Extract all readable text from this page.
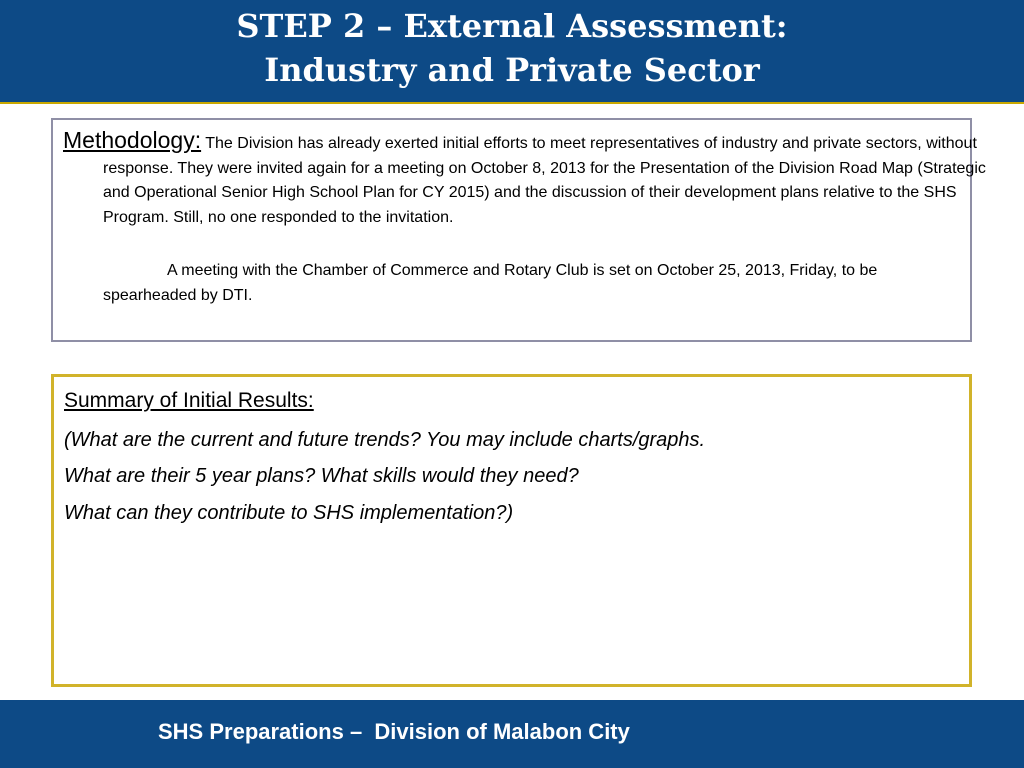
STEP 2 – External Assessment:
Industry and Private Sector

Methodology: The Division has already exerted initial efforts to meet representatives of industry and private sectors, without response. They were invited again for a meeting on October 8, 2013 for the Presentation of the Division Road Map (Strategic and Operational Senior High School Plan for CY 2015) and the discussion of their development plans relative to the SHS Program. Still, no one responded to the invitation.

A meeting with the Chamber of Commerce and Rotary Club is set on October 25, 2013, Friday, to be spearheaded by DTI.

Summary of Initial Results:

(What are the current and future trends? You may include charts/graphs.

What are their 5 year plans? What skills would they need?

What can they contribute to SHS implementation?)

SHS Preparations –  Division of Malabon City
